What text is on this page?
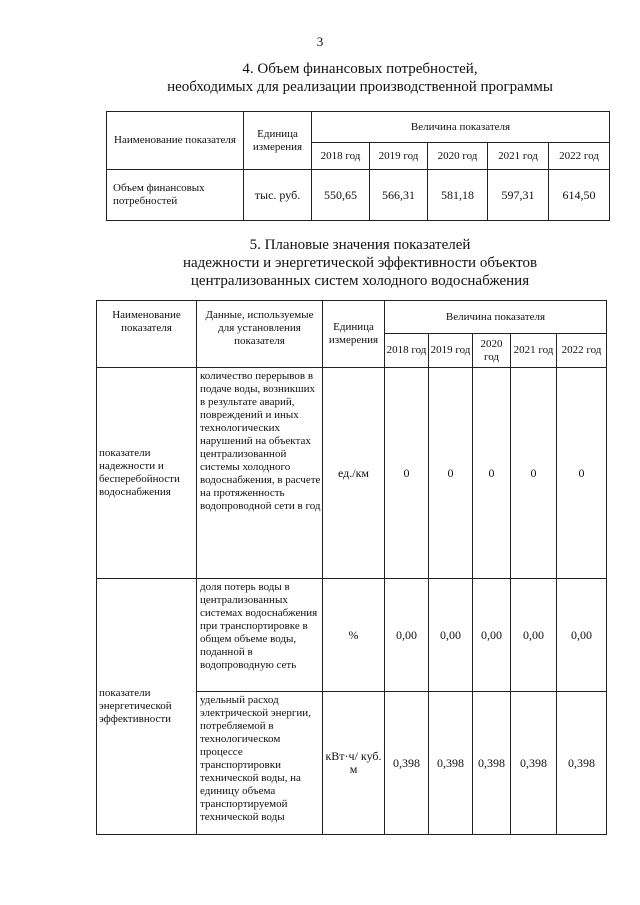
3
4. Объем финансовых потребностей,
необходимых для реализации производственной программы
Наименование показателя	Единица измерения	Величина показателя				
		2018 год	2019 год	2020 год	2021 год	2022 год
Объем финансовых потребностей	тыс. руб.	550,65	566,31	581,18	597,31	614,50
5. Плановые значения показателей
надежности и энергетической эффективности объектов
централизованных систем холодного водоснабжения
Наименование показателя	Данные, используемые для установления показателя	Единица измерения	Величина показателя				
			2018 год	2019 год	2020 год	2021 год	2022 год
показатели надежности и бесперебойности водоснабжения	количество перерывов в подаче воды, возникших в результате аварий, повреждений и иных технологических нарушений на объектах централизованной системы холодного водоснабжения, в расчете на протяженность водопроводной сети в год	ед./км	0	0	0	0	0
показатели энергетической эффективности	доля потерь воды в централизованных системах водоснабжения при транспортировке в общем объеме воды, поданной в водопроводную сеть	%	0,00	0,00	0,00	0,00	0,00
	удельный расход электрической энергии, потребляемой в технологическом процессе транспортировки технической воды, на единицу объема транспортируемой технической воды	кВт·ч/ куб. м	0,398	0,398	0,398	0,398	0,398
